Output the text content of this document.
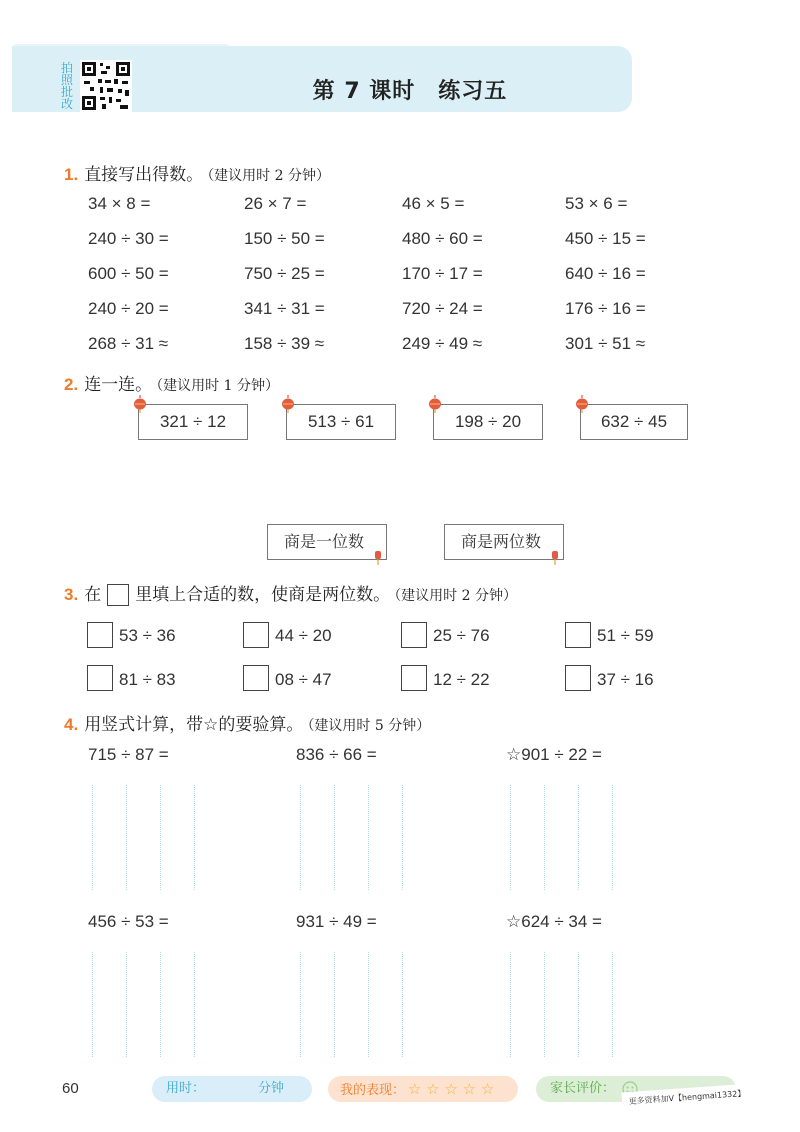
拍照批改	第 7 课时　练习五
1. 直接写出得数。 （建议用时 2 分钟）
34 × 8 =	26 × 7 =	46 × 5 =	53 × 6 =
240 ÷ 30 =	150 ÷ 50 =	480 ÷ 60 =	450 ÷ 15 =
600 ÷ 50 =	750 ÷ 25 =	170 ÷ 17 =	640 ÷ 16 =
240 ÷ 20 =	341 ÷ 31 =	720 ÷ 24 =	176 ÷ 16 =
268 ÷ 31 ≈	158 ÷ 39 ≈	249 ÷ 49 ≈	301 ÷ 51 ≈
2. 连一连。 （建议用时 1 分钟）
321 ÷ 12	513 ÷ 61	198 ÷ 20	632 ÷ 45
商是一位数	商是两位数
3. 在 里填上合适的数，使商是两位数。 （建议用时 2 分钟）
53 ÷ 36	44 ÷ 20	25 ÷ 76	51 ÷ 59
81 ÷ 83	08 ÷ 47	12 ÷ 22	37 ÷ 16
4. 用竖式计算，带☆的要验算。 （建议用时 5 分钟）
715 ÷ 87 =	836 ÷ 66 =	☆901 ÷ 22 =
456 ÷ 53 =	931 ÷ 49 =	☆624 ÷ 34 =
60	用时：	分钟	我的表现： ☆ ☆ ☆ ☆ ☆	家长评价：
更多资料加V【hengmai1332】
